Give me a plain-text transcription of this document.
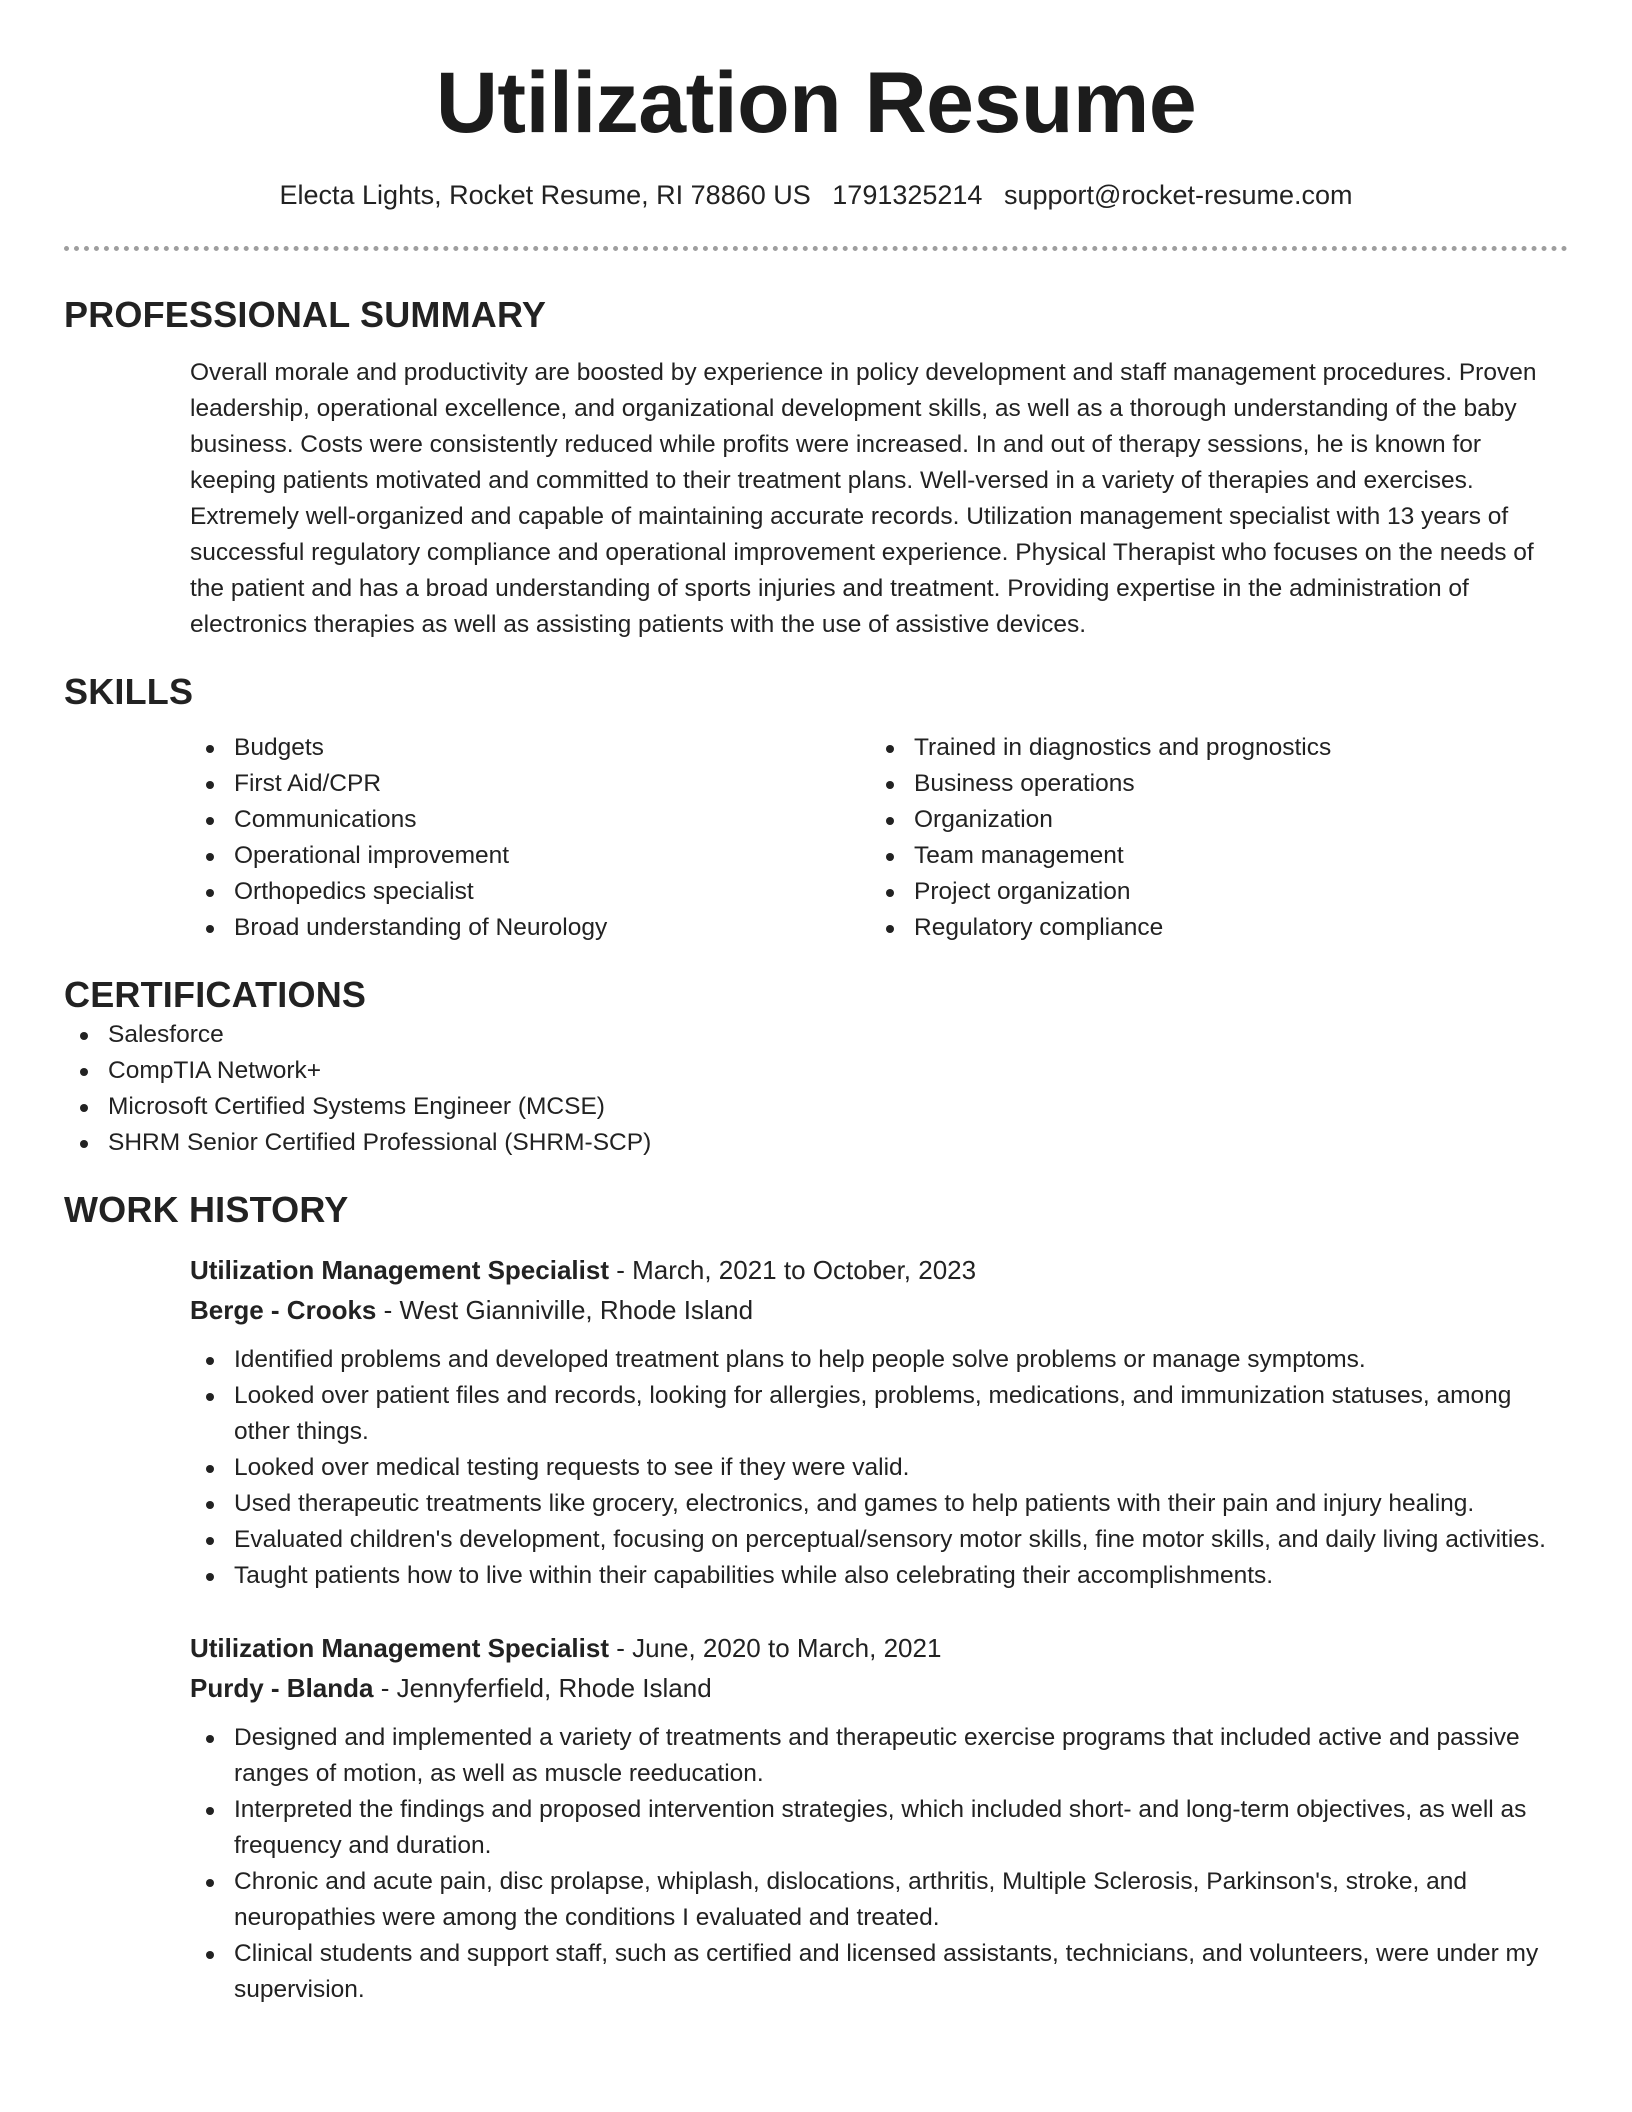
Utilization Resume
Electa Lights, Rocket Resume, RI 78860 US 1791325214 support@rocket-resume.com
PROFESSIONAL SUMMARY

Overall morale and productivity are boosted by experience in policy development and staff management procedures. Proven leadership, operational excellence, and organizational development skills, as well as a thorough understanding of the baby business. Costs were consistently reduced while profits were increased. In and out of therapy sessions, he is known for keeping patients motivated and committed to their treatment plans. Well-versed in a variety of therapies and exercises. Extremely well-organized and capable of maintaining accurate records. Utilization management specialist with 13 years of successful regulatory compliance and operational improvement experience. Physical Therapist who focuses on the needs of the patient and has a broad understanding of sports injuries and treatment. Providing expertise in the administration of electronics therapies as well as assisting patients with the use of assistive devices.

SKILLS
Budgets
First Aid/CPR
Communications
Operational improvement
Orthopedics specialist
Broad understanding of Neurology
Trained in diagnostics and prognostics
Business operations
Organization
Team management
Project organization
Regulatory compliance
CERTIFICATIONS
Salesforce
CompTIA Network+
Microsoft Certified Systems Engineer (MCSE)
SHRM Senior Certified Professional (SHRM-SCP)
WORK HISTORY
Utilization Management Specialist - March, 2021 to October, 2023
Berge - Crooks - West Gianniville, Rhode Island
Identified problems and developed treatment plans to help people solve problems or manage symptoms.
Looked over patient files and records, looking for allergies, problems, medications, and immunization statuses, among other things.
Looked over medical testing requests to see if they were valid.
Used therapeutic treatments like grocery, electronics, and games to help patients with their pain and injury healing.
Evaluated children's development, focusing on perceptual/sensory motor skills, fine motor skills, and daily living activities.
Taught patients how to live within their capabilities while also celebrating their accomplishments.
Utilization Management Specialist - June, 2020 to March, 2021
Purdy - Blanda - Jennyferfield, Rhode Island
Designed and implemented a variety of treatments and therapeutic exercise programs that included active and passive ranges of motion, as well as muscle reeducation.
Interpreted the findings and proposed intervention strategies, which included short- and long-term objectives, as well as frequency and duration.
Chronic and acute pain, disc prolapse, whiplash, dislocations, arthritis, Multiple Sclerosis, Parkinson's, stroke, and neuropathies were among the conditions I evaluated and treated.
Clinical students and support staff, such as certified and licensed assistants, technicians, and volunteers, were under my supervision.
